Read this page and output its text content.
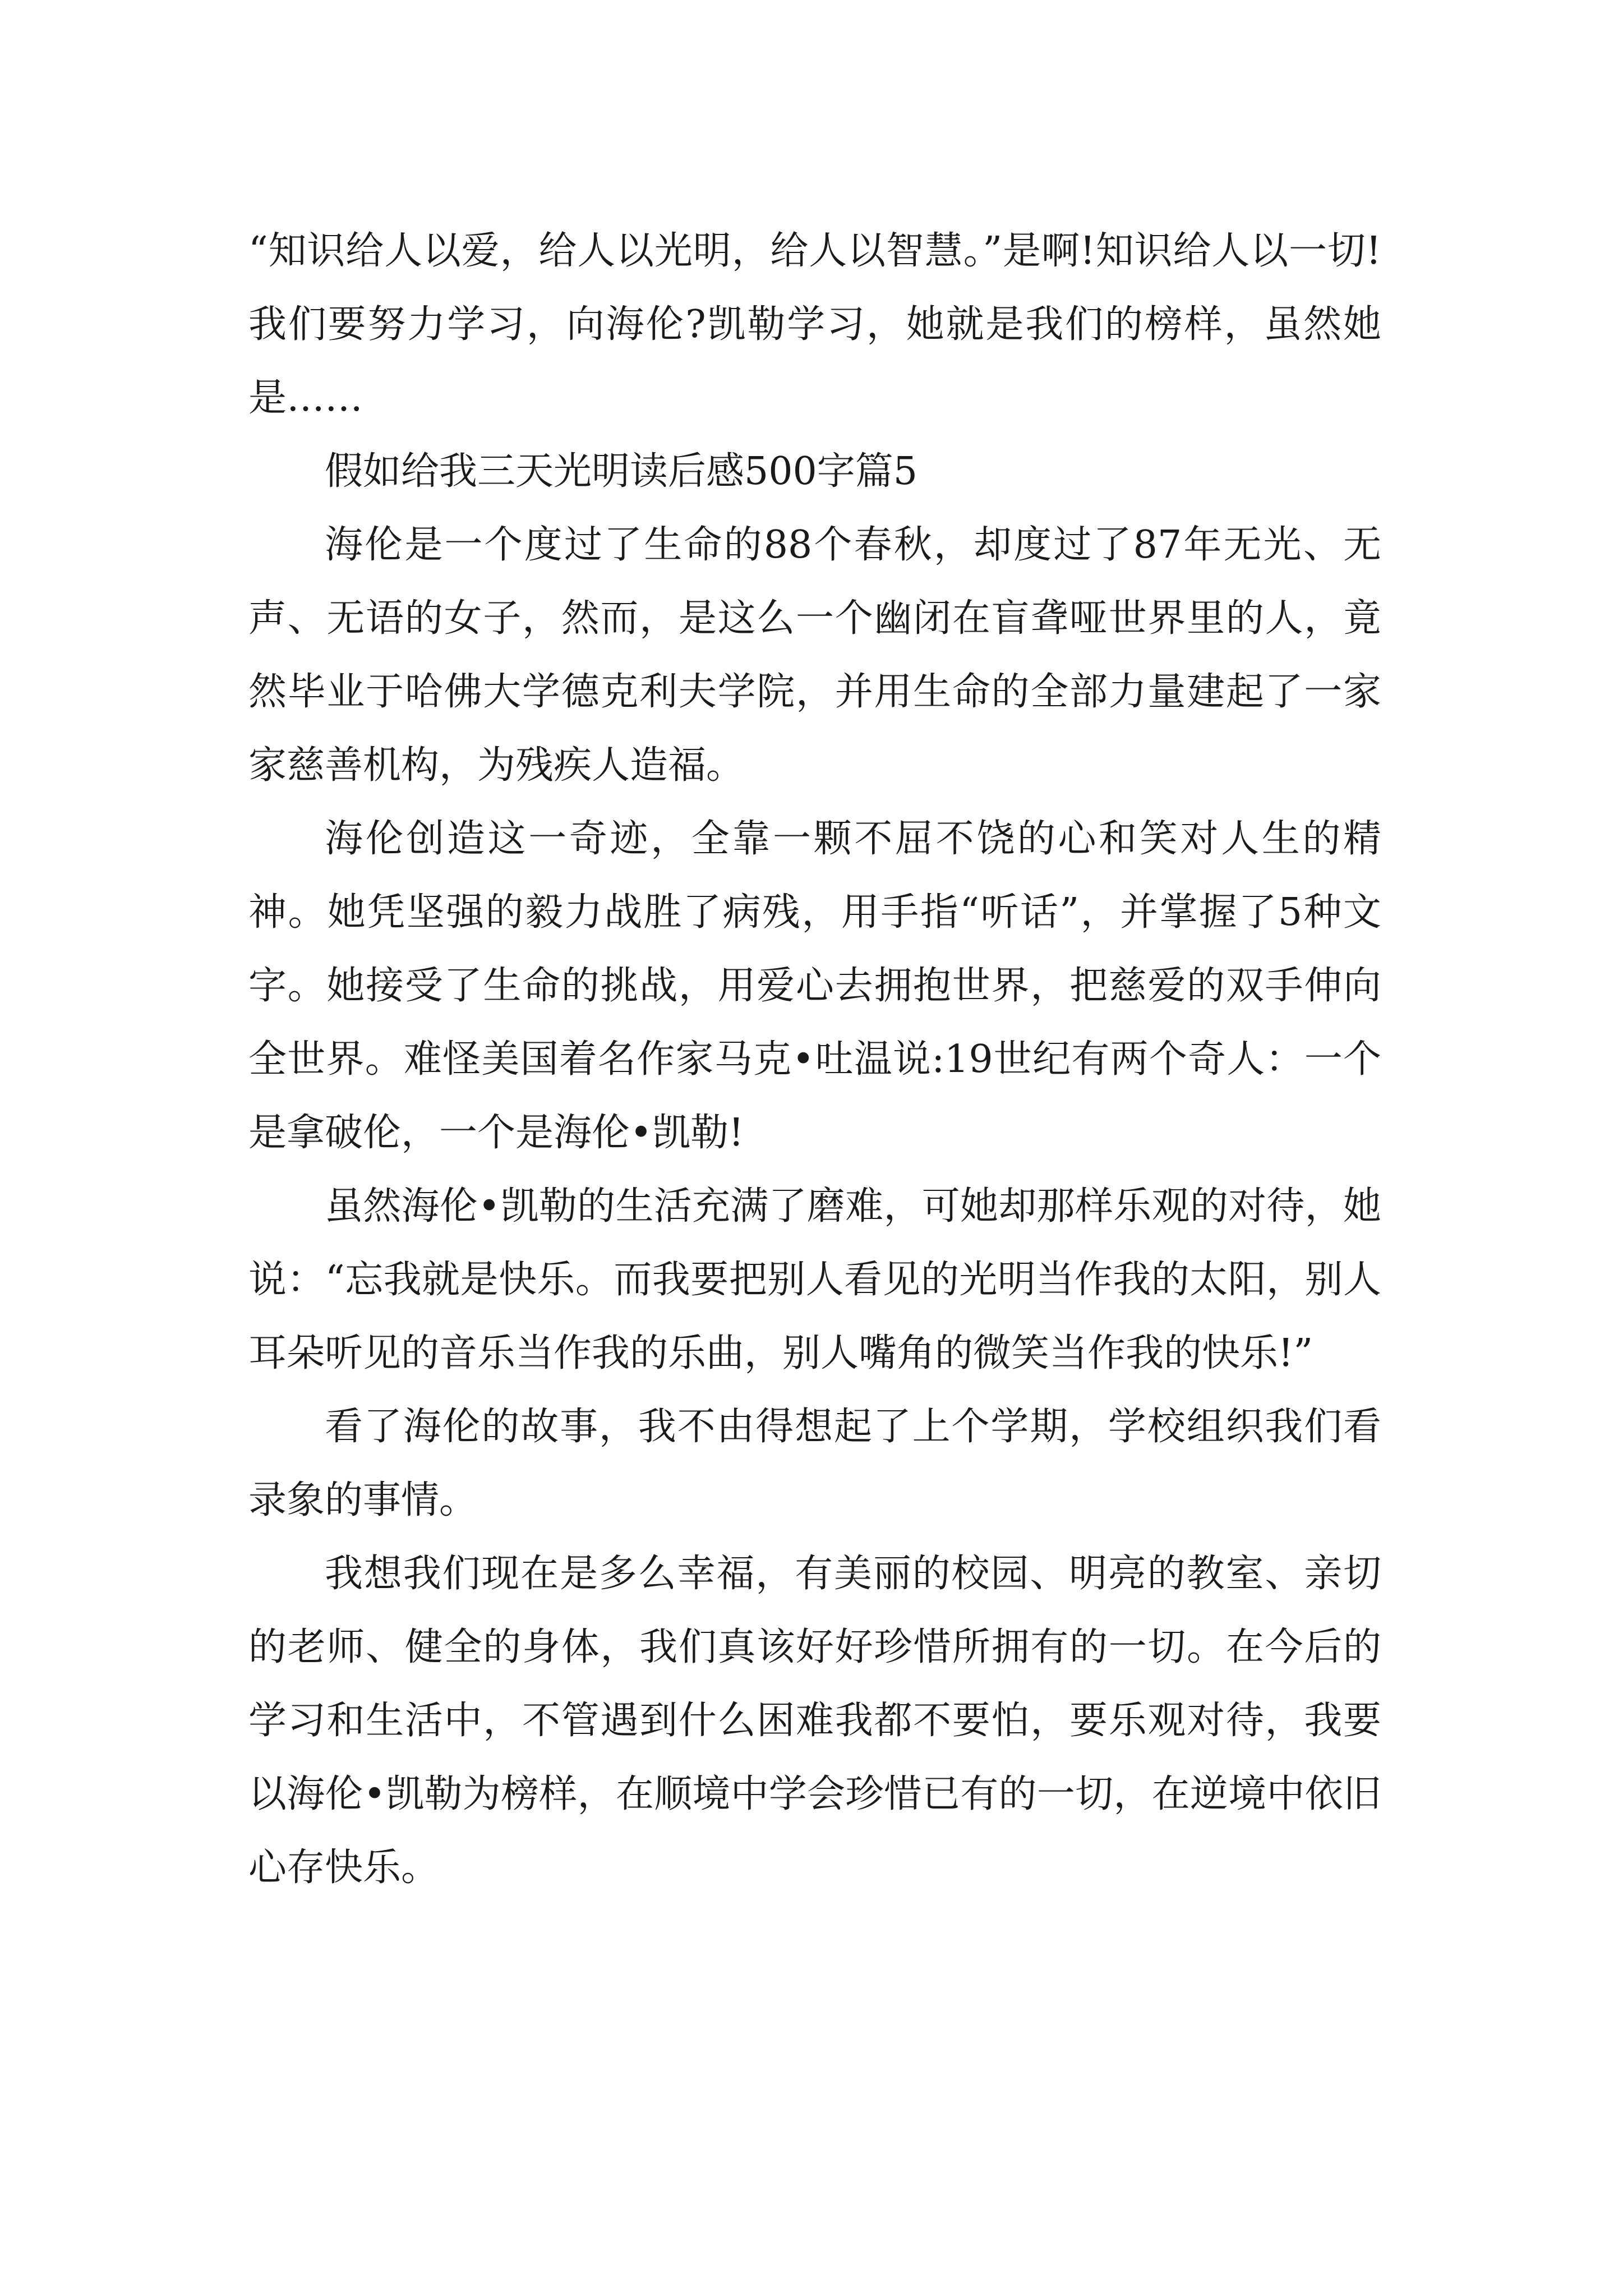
“知识给人以爱，给人以光明，给人以智慧。”是啊!知识给人以一切!我们要努力学习，向海伦?凯勒学习，她就是我们的榜样，虽然她是……

假如给我三天光明读后感500字篇5

海伦是一个度过了生命的88个春秋，却度过了87年无光、无声、无语的女子，然而，是这么一个幽闭在盲聋哑世界里的人，竟然毕业于哈佛大学德克利夫学院，并用生命的全部力量建起了一家家慈善机构，为残疾人造福。

海伦创造这一奇迹，全靠一颗不屈不饶的心和笑对人生的精神。她凭坚强的毅力战胜了病残，用手指“听话”，并掌握了5种文字。她接受了生命的挑战，用爱心去拥抱世界，把慈爱的双手伸向全世界。难怪美国着名作家马克•吐温说:19世纪有两个奇人：一个是拿破伦，一个是海伦•凯勒!

虽然海伦•凯勒的生活充满了磨难，可她却那样乐观的对待，她说：“忘我就是快乐。而我要把别人看见的光明当作我的太阳，别人耳朵听见的音乐当作我的乐曲，别人嘴角的微笑当作我的快乐!”

看了海伦的故事，我不由得想起了上个学期，学校组织我们看录象的事情。

我想我们现在是多么幸福，有美丽的校园、明亮的教室、亲切的老师、健全的身体，我们真该好好珍惜所拥有的一切。在今后的学习和生活中，不管遇到什么困难我都不要怕，要乐观对待，我要以海伦•凯勒为榜样，在顺境中学会珍惜已有的一切，在逆境中依旧心存快乐。
